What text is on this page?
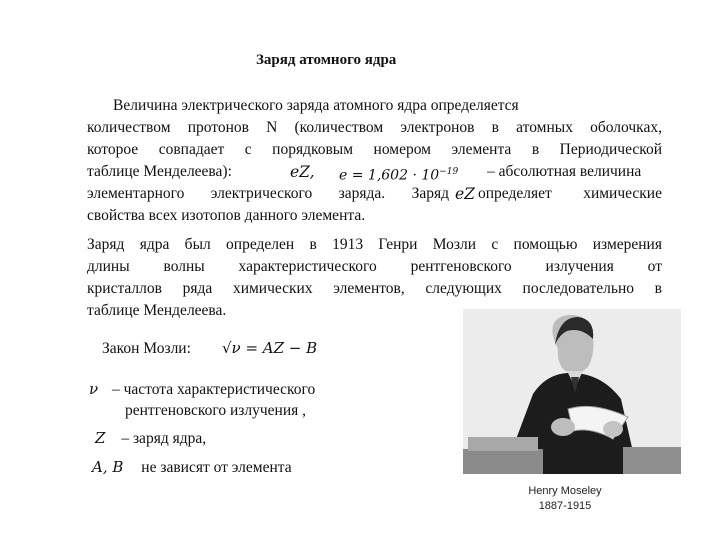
Заряд атомного ядра
Величина электрического заряда атомного ядра определяется
количеством протонов N (количеством электронов в атомных оболочках,
которое совпадает с порядковым номером элемента в Периодической
таблице Менделеева):	eZ, $e = 1,602 \cdot 10^{-19}$ – абсолютная величина
элементарного электрического заряда. Заряд eZ определяет химические
свойства всех изотопов данного элемента.
Заряд ядра был определен в 1913 Генри Мозли с помощью измерения
длины волны характеристического рентгеновского излучения от
кристаллов ряда химических элементов, следующих последовательно в
таблице Менделеева.
Henry Moseley
1887-1915
Закон Мозли: √ν = AZ − B
ν – частота характеристического
рентгеновского излучения ,
Z – заряд ядра,
A, B не зависят от элемента
